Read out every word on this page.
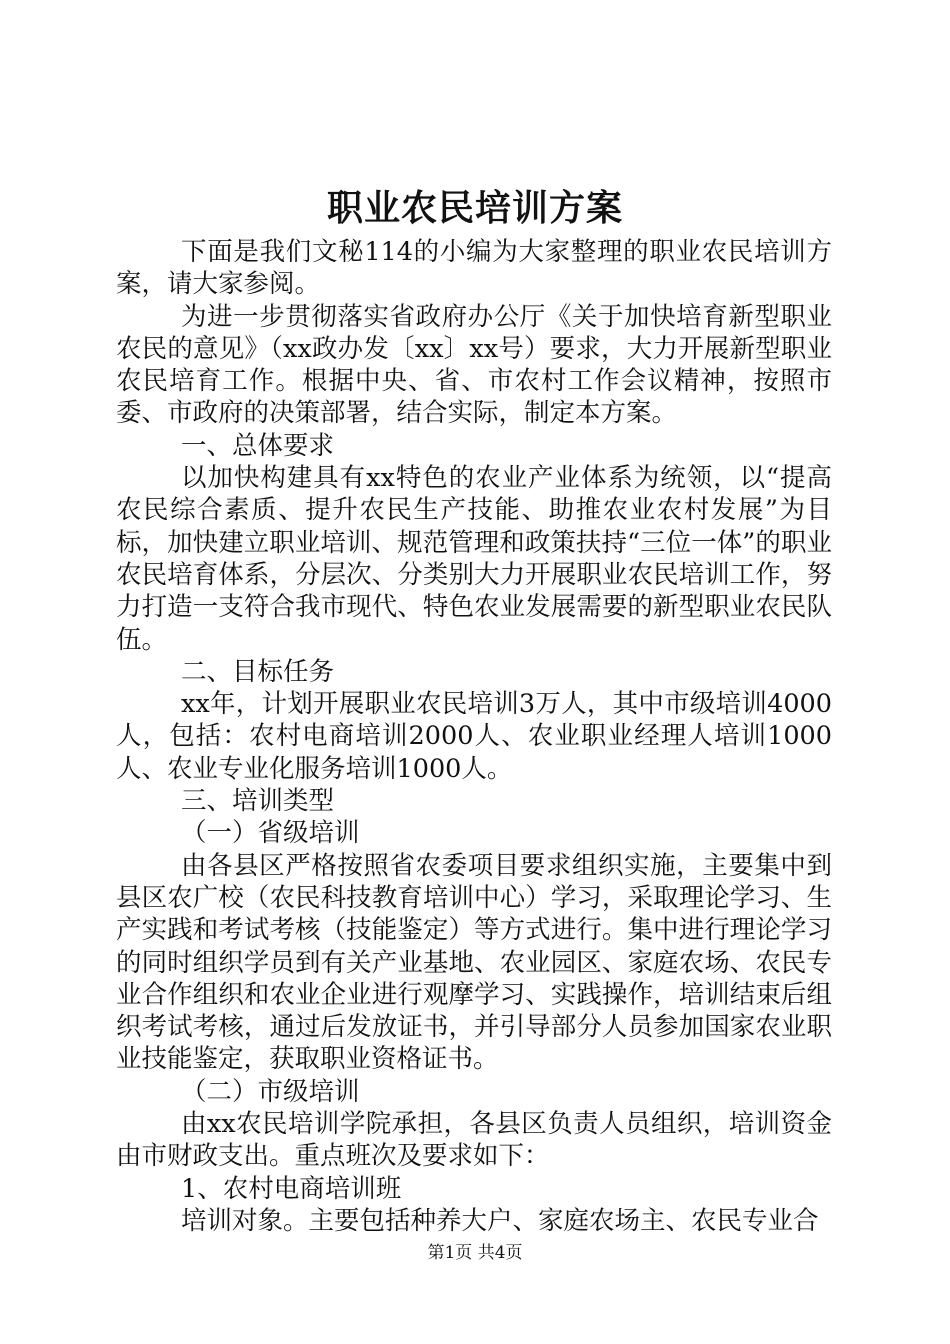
职业农民培训方案

下面是我们文秘114的小编为大家整理的职业农民培训方案，请大家参阅。

为进一步贯彻落实省政府办公厅《关于加快培育新型职业农民的意见》（xx政办发〔xx〕xx号）要求，大力开展新型职业农民培育工作。根据中央、省、市农村工作会议精神，按照市委、市政府的决策部署，结合实际，制定本方案。

一、总体要求

以加快构建具有xx特色的农业产业体系为统领，以“提高农民综合素质、提升农民生产技能、助推农业农村发展”为目标，加快建立职业培训、规范管理和政策扶持“三位一体”的职业农民培育体系，分层次、分类别大力开展职业农民培训工作，努力打造一支符合我市现代、特色农业发展需要的新型职业农民队伍。

二、目标任务

xx年，计划开展职业农民培训3万人，其中市级培训4000人，包括：农村电商培训2000人、农业职业经理人培训1000人、农业专业化服务培训1000人。

三、培训类型

（一）省级培训

由各县区严格按照省农委项目要求组织实施，主要集中到县区农广校（农民科技教育培训中心）学习，采取理论学习、生产实践和考试考核（技能鉴定）等方式进行。集中进行理论学习的同时组织学员到有关产业基地、农业园区、家庭农场、农民专业合作组织和农业企业进行观摩学习、实践操作，培训结束后组织考试考核，通过后发放证书，并引导部分人员参加国家农业职业技能鉴定，获取职业资格证书。

（二）市级培训

由xx农民培训学院承担，各县区负责人员组织，培训资金由市财政支出。重点班次及要求如下：

1、农村电商培训班

培训对象。主要包括种养大户、家庭农场主、农民专业合

第1页 共4页
